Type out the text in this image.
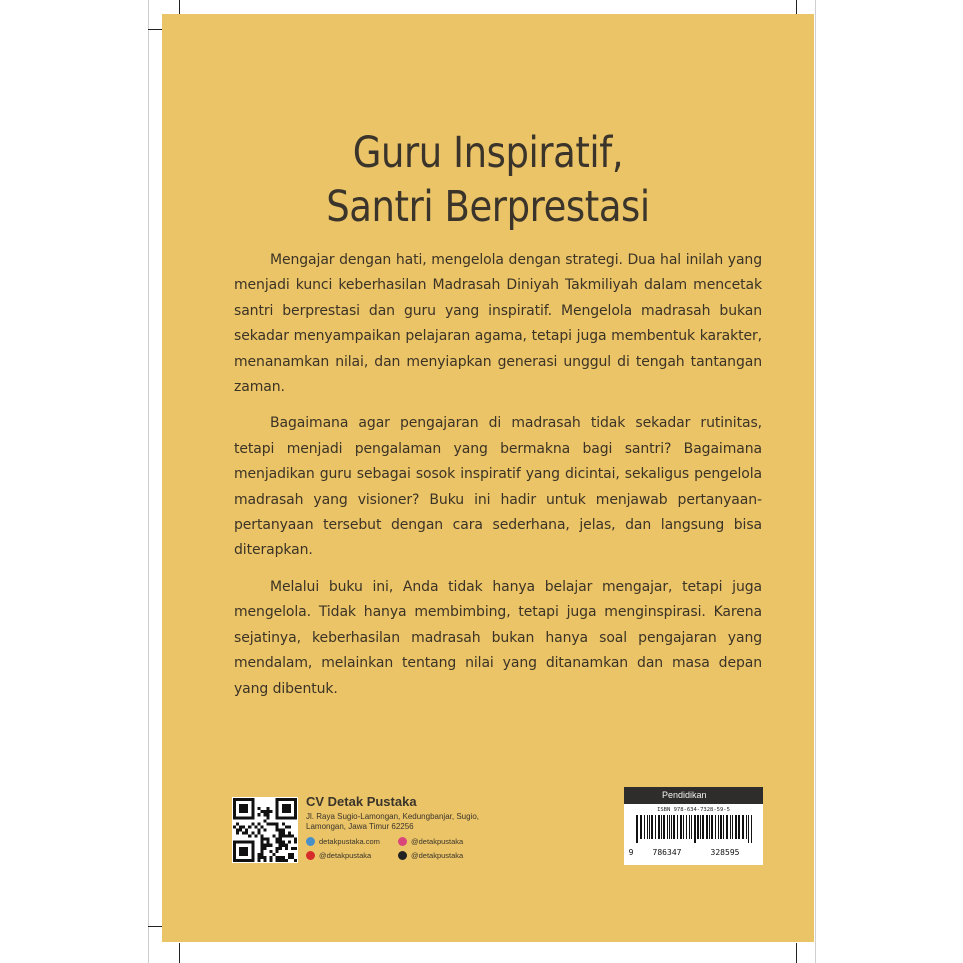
Guru Inspiratif,
Santri Berprestasi

Mengajar dengan hati, mengelola dengan strategi. Dua hal inilah yang menjadi kunci keberhasilan Madrasah Diniyah Takmiliyah dalam mencetak santri berprestasi dan guru yang inspiratif. Mengelola madrasah bukan sekadar menyampaikan pelajaran agama, tetapi juga membentuk karakter, menanamkan nilai, dan menyiapkan generasi unggul di tengah tantangan zaman.

Bagaimana agar pengajaran di madrasah tidak sekadar rutinitas, tetapi menjadi pengalaman yang bermakna bagi santri? Bagaimana menjadikan guru sebagai sosok inspiratif yang dicintai, sekaligus pengelola madrasah yang visioner? Buku ini hadir untuk menjawab pertanyaan-pertanyaan tersebut dengan cara sederhana, jelas, dan langsung bisa diterapkan.

Melalui buku ini, Anda tidak hanya belajar mengajar, tetapi juga mengelola. Tidak hanya membimbing, tetapi juga menginspirasi. Karena sejatinya, keberhasilan madrasah bukan hanya soal pengajaran yang mendalam, melainkan tentang nilai yang ditanamkan dan masa depan yang dibentuk.

CV Detak Pustaka
Jl. Raya Sugio-Lamongan, Kedungbanjar, Sugio, Lamongan, Jawa Timur 62256
detakpustaka.com	@detakpustaka
@detakpustaka	@detakpustaka
Pendidikan
ISBN 978-634-7328-59-5
9	786347	328595
